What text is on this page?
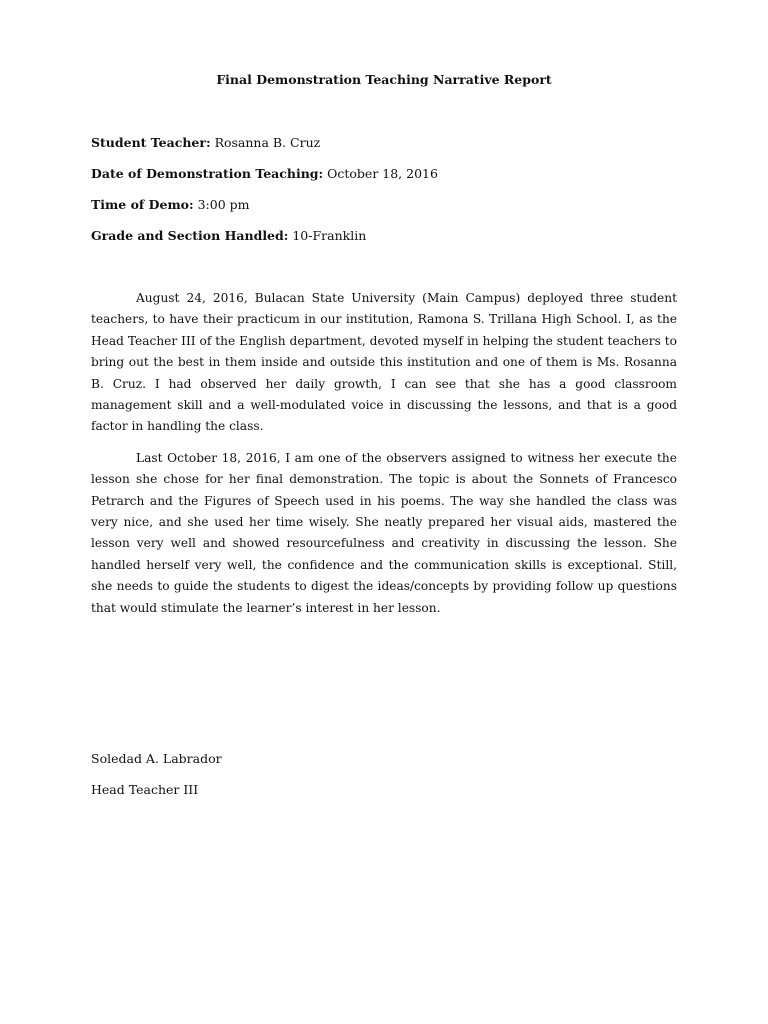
Final Demonstration Teaching Narrative Report
Student Teacher: Rosanna B. Cruz
Date of Demonstration Teaching: October 18, 2016
Time of Demo: 3:00 pm
Grade and Section Handled: 10-Franklin

August 24, 2016, Bulacan State University (Main Campus) deployed three student teachers, to have their practicum in our institution, Ramona S. Trillana High School. I, as the Head Teacher III of the English department, devoted myself in helping the student teachers to bring out the best in them inside and outside this institution and one of them is Ms. Rosanna B. Cruz. I had observed her daily growth, I can see that she has a good classroom management skill and a well-modulated voice in discussing the lessons, and that is a good factor in handling the class.

Last October 18, 2016, I am one of the observers assigned to witness her execute the lesson she chose for her final demonstration. The topic is about the Sonnets of Francesco Petrarch and the Figures of Speech used in his poems. The way she handled the class was very nice, and she used her time wisely. She neatly prepared her visual aids, mastered the lesson very well and showed resourcefulness and creativity in discussing the lesson. She handled herself very well, the confidence and the communication skills is exceptional. Still, she needs to guide the students to digest the ideas/concepts by providing follow up questions that would stimulate the learner’s interest in her lesson.

Soledad A. Labrador
Head Teacher III
